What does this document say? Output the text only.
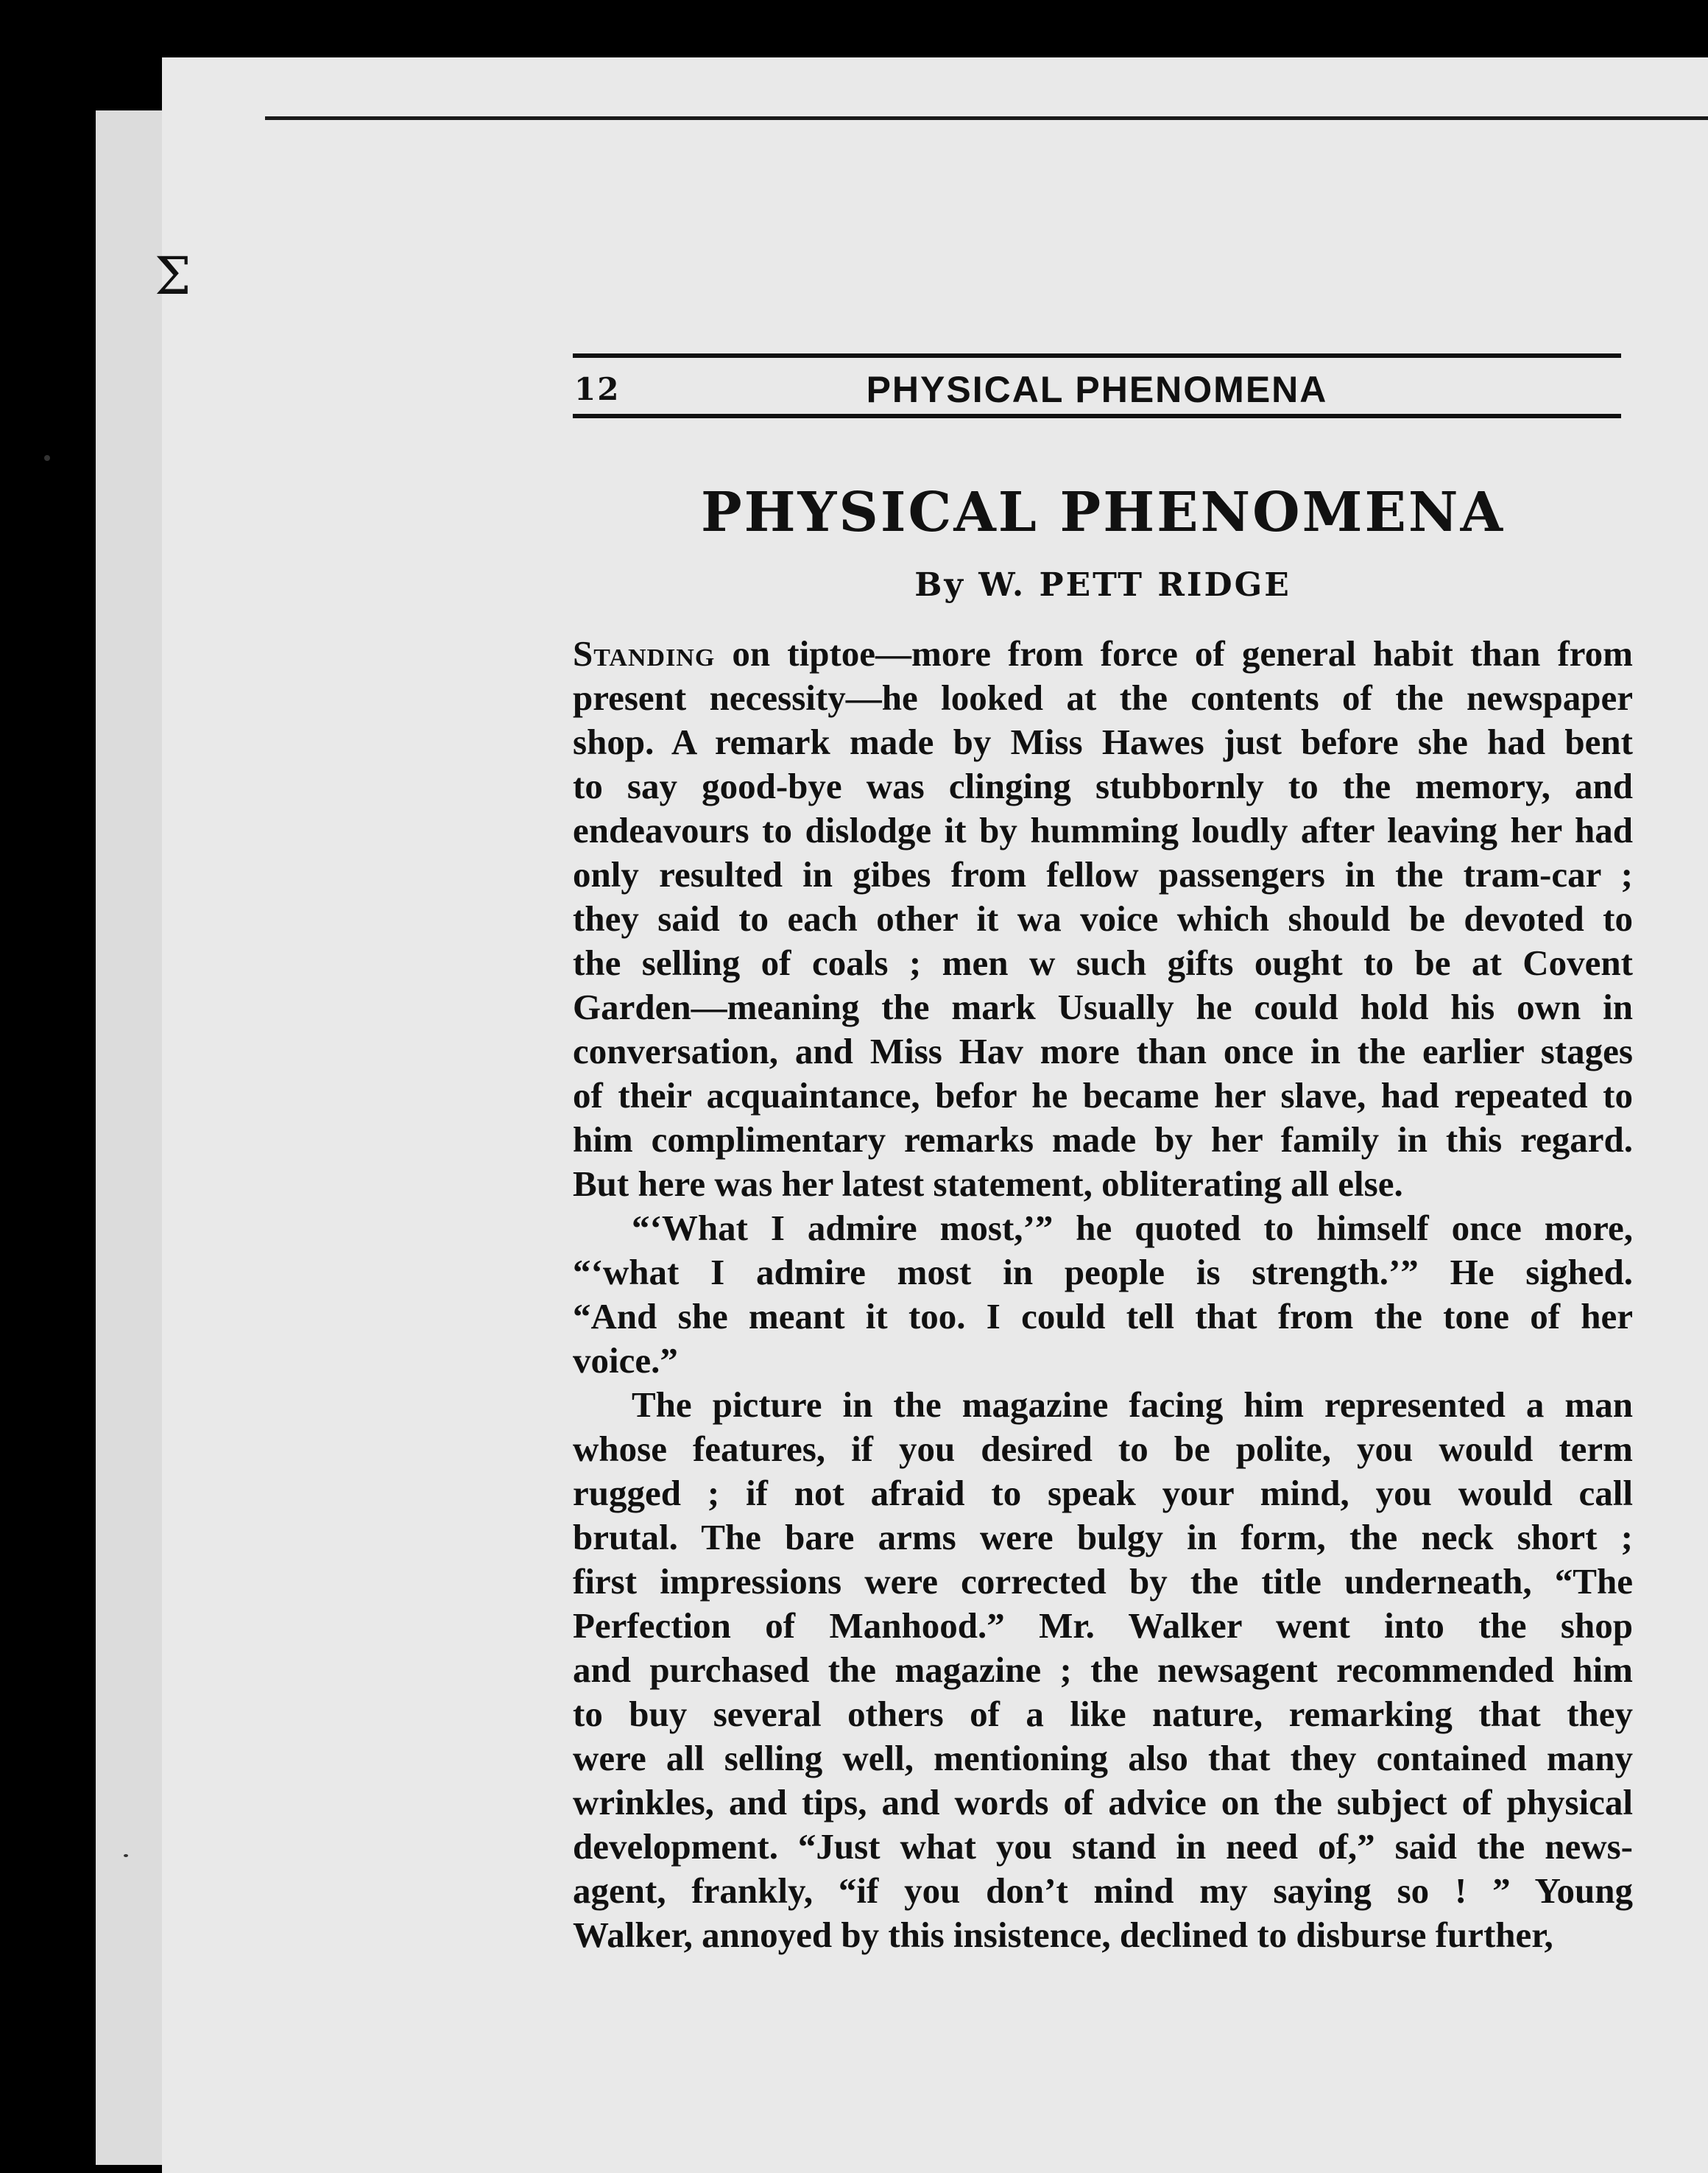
Σ
12	PHYSICAL PHENOMENA
PHYSICAL PHENOMENA
By W. PETT RIDGE

Standing on tiptoe—more from force of general habit than from
present necessity—he looked at the contents of the newspaper
shop. A remark made by Miss Hawes just before she had bent
to say good-bye was clinging stubbornly to the memory, and
endeavours to dislodge it by humming loudly after leaving her had
only resulted in gibes from fellow passengers in the tram-car ;
they said to each other it wa voice which should be devoted to
the selling of coals ; men w such gifts ought to be at Covent
Garden—meaning the mark Usually he could hold his own in
conversation, and Miss Hav more than once in the earlier stages
of their acquaintance, befor he became her slave, had repeated to
him complimentary remarks made by her family in this regard.
But here was her latest statement, obliterating all else.

“‘What I admire most,’” he quoted to himself once more,
“‘what I admire most in people is strength.’” He sighed.
“And she meant it too. I could tell that from the tone of her
voice.”

The picture in the magazine facing him represented a man
whose features, if you desired to be polite, you would term
rugged ; if not afraid to speak your mind, you would call
brutal. The bare arms were bulgy in form, the neck short ;
first impressions were corrected by the title underneath, “The
Perfection of Manhood.” Mr. Walker went into the shop
and purchased the magazine ; the newsagent recommended him
to buy several others of a like nature, remarking that they
were all selling well, mentioning also that they contained many
wrinkles, and tips, and words of advice on the subject of physical
development. “Just what you stand in need of,” said the news-
agent, frankly, “if you don’t mind my saying so ! ” Young
Walker, annoyed by this insistence, declined to disburse further,
